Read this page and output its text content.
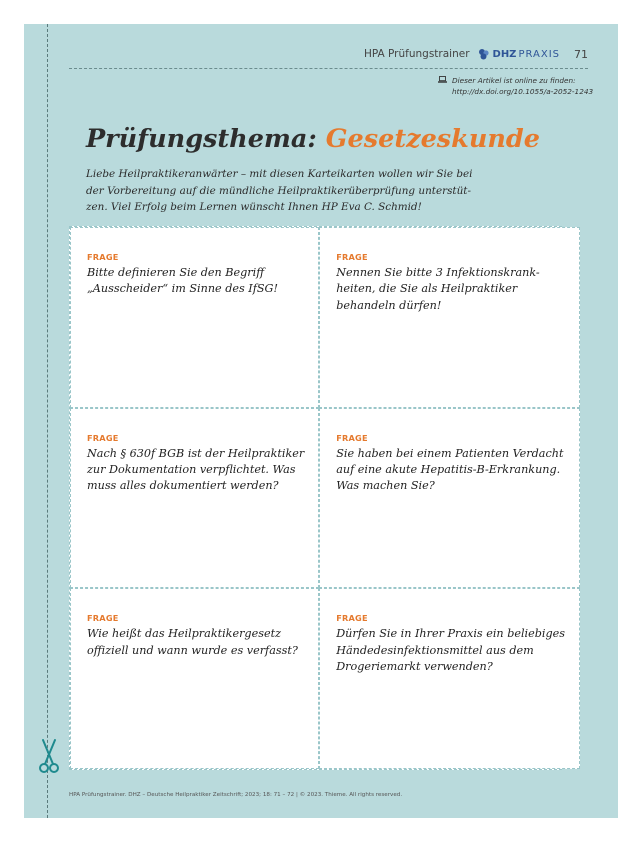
HPA Prüfungstrainer DHZ PRAXIS 71
Dieser Artikel ist online zu finden:
http://dx.doi.org/10.1055/a-2052-1243
Prüfungsthema: Gesetzeskunde
Liebe Heilpraktikeranwärter – mit diesen Karteikarten wollen wir Sie bei
der Vorbereitung auf die mündliche Heilpraktikerüberprüfung unterstüt-
zen. Viel Erfolg beim Lernen wünscht Ihnen HP Eva C. Schmid!
FRAGE
Bitte definieren Sie den Begriff
„Ausscheider“ im Sinne des IfSG!
FRAGE
Nennen Sie bitte 3 Infektionskrank-
heiten, die Sie als Heilpraktiker
behandeln dürfen!
FRAGE
Nach § 630f BGB ist der Heilpraktiker
zur Dokumentation verpflichtet. Was
muss alles dokumentiert werden?
FRAGE
Sie haben bei einem Patienten Verdacht
auf eine akute Hepatitis-B-Erkrankung.
Was machen Sie?
FRAGE
Wie heißt das Heilpraktikergesetz
offiziell und wann wurde es verfasst?
FRAGE
Dürfen Sie in Ihrer Praxis ein beliebiges
Händedesinfektionsmittel aus dem
Drogeriemarkt verwenden?
HPA Prüfungstrainer. DHZ – Deutsche Heilpraktiker Zeitschrift; 2023; 18: 71 – 72 | © 2023. Thieme. All rights reserved.
